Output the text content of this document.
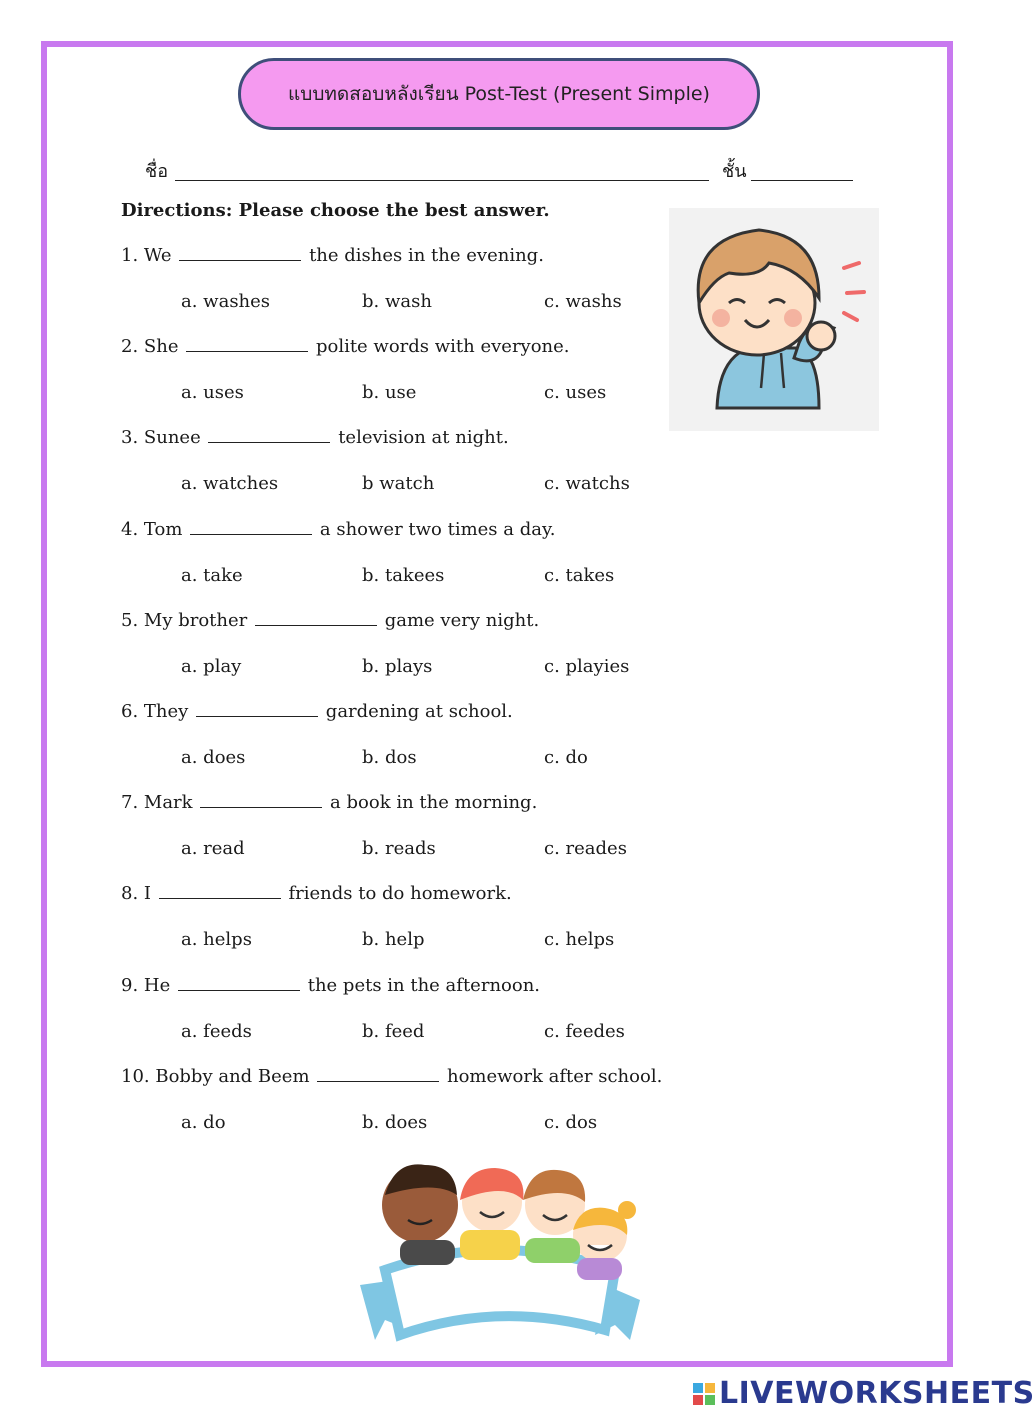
แบบทดสอบหลังเรียน Post-Test (Present Simple)
ชื่อ	ชั้น
Directions: Please choose the best answer.
1. We	the dishes in the evening.
a. washes	b. wash	c. washs
2. She	polite words with everyone.
a. uses	b. use	c. uses
3. Sunee	television at night.
a. watches	b watch	c. watchs
4. Tom	a shower two times a day.
a. take	b. takees	c. takes
5. My brother	game very night.
a. play	b. plays	c. playies
6. They	gardening at school.
a. does	b. dos	c. do
7. Mark	a book in the morning.
a. read	b. reads	c. reades
8. I	friends to do homework.
a. helps	b. help	c. helps
9. He	the pets in the afternoon.
a. feeds	b. feed	c. feedes
10. Bobby and Beem	homework after school.
a. do	b. does	c. dos
LIVEWORKSHEETS
